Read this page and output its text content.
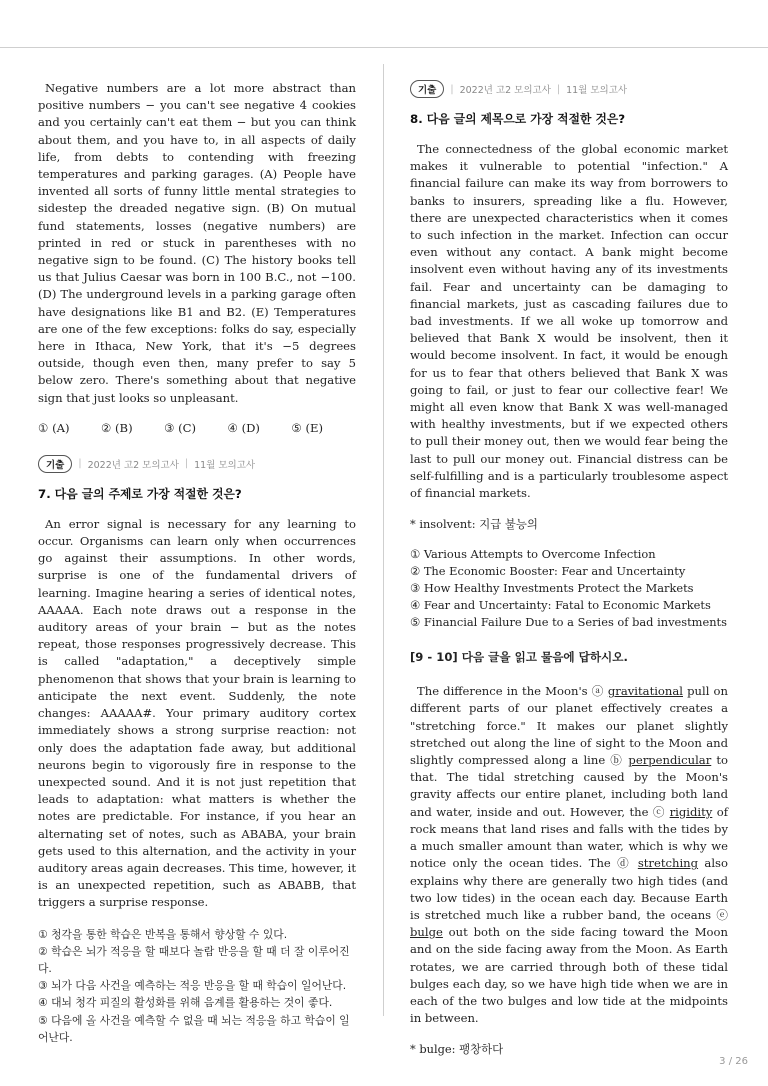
Negative numbers are a lot more abstract than positive numbers − you can't see negative 4 cookies and you certainly can't eat them − but you can think about them, and you have to, in all aspects of daily life, from debts to contending with freezing temperatures and parking garages. (A) People have invented all sorts of funny little mental strategies to sidestep the dreaded negative sign. (B) On mutual fund statements, losses (negative numbers) are printed in red or stuck in parentheses with no negative sign to be found. (C) The history books tell us that Julius Caesar was born in 100 B.C., not −100. (D) The underground levels in a parking garage often have designations like B1 and B2. (E) Temperatures are one of the few exceptions: folks do say, especially here in Ithaca, New York, that it's −5 degrees outside, though even then, many prefer to say 5 below zero. There's something about that negative sign that just looks so unpleasant.

① (A)	② (B)	③ (C)	④ (D)	⑤ (E)
기출	| 2022년 고2 모의고사 | 11월 모의고사
7. 다음 글의 주제로 가장 적절한 것은?

An error signal is necessary for any learning to occur. Organisms can learn only when occurrences go against their assumptions. In other words, surprise is one of the fundamental drivers of learning. Imagine hearing a series of identical notes, AAAAA. Each note draws out a response in the auditory areas of your brain − but as the notes repeat, those responses progressively decrease. This is called "adaptation," a deceptively simple phenomenon that shows that your brain is learning to anticipate the next event. Suddenly, the note changes: AAAAA#. Your primary auditory cortex immediately shows a strong surprise reaction: not only does the adaptation fade away, but additional neurons begin to vigorously fire in response to the unexpected sound. And it is not just repetition that leads to adaptation: what matters is whether the notes are predictable. For instance, if you hear an alternating set of notes, such as ABABA, your brain gets used to this alternation, and the activity in your auditory areas again decreases. This time, however, it is an unexpected repetition, such as ABABB, that triggers a surprise response.

① 청각을 통한 학습은 반복을 통해서 향상할 수 있다.
② 학습은 뇌가 적응을 할 때보다 놀람 반응을 할 때 더 잘 이루어진다.
③ 뇌가 다음 사건을 예측하는 적응 반응을 할 때 학습이 일어난다.
④ 대뇌 청각 피질의 활성화를 위해 음계를 활용하는 것이 좋다.
⑤ 다음에 올 사건을 예측할 수 없을 때 뇌는 적응을 하고 학습이 일어난다.
기출	| 2022년 고2 모의고사 | 11월 모의고사
8. 다음 글의 제목으로 가장 적절한 것은?

The connectedness of the global economic market makes it vulnerable to potential "infection." A financial failure can make its way from borrowers to banks to insurers, spreading like a flu. However, there are unexpected characteristics when it comes to such infection in the market. Infection can occur even without any contact. A bank might become insolvent even without having any of its investments fail. Fear and uncertainty can be damaging to financial markets, just as cascading failures due to bad investments. If we all woke up tomorrow and believed that Bank X would be insolvent, then it would become insolvent. In fact, it would be enough for us to fear that others believed that Bank X was going to fail, or just to fear our collective fear! We might all even know that Bank X was well-managed with healthy investments, but if we expected others to pull their money out, then we would fear being the last to pull our money out. Financial distress can be self-fulfilling and is a particularly troublesome aspect of financial markets.

* insolvent: 지급 불능의
① Various Attempts to Overcome Infection
② The Economic Booster: Fear and Uncertainty
③ How Healthy Investments Protect the Markets
④ Fear and Uncertainty: Fatal to Economic Markets
⑤ Financial Failure Due to a Series of bad investments
[9 - 10] 다음 글을 읽고 물음에 답하시오.

The difference in the Moon's ⓐ gravitational pull on different parts of our planet effectively creates a "stretching force." It makes our planet slightly stretched out along the line of sight to the Moon and slightly compressed along a line ⓑ perpendicular to that. The tidal stretching caused by the Moon's gravity affects our entire planet, including both land and water, inside and out. However, the ⓒ rigidity of rock means that land rises and falls with the tides by a much smaller amount than water, which is why we notice only the ocean tides. The ⓓ stretching also explains why there are generally two high tides (and two low tides) in the ocean each day. Because Earth is stretched much like a rubber band, the oceans ⓔ bulge out both on the side facing toward the Moon and on the side facing away from the Moon. As Earth rotates, we are carried through both of these tidal bulges each day, so we have high tide when we are in each of the two bulges and low tide at the midpoints in between.

* bulge: 팽창하다
3 / 26
